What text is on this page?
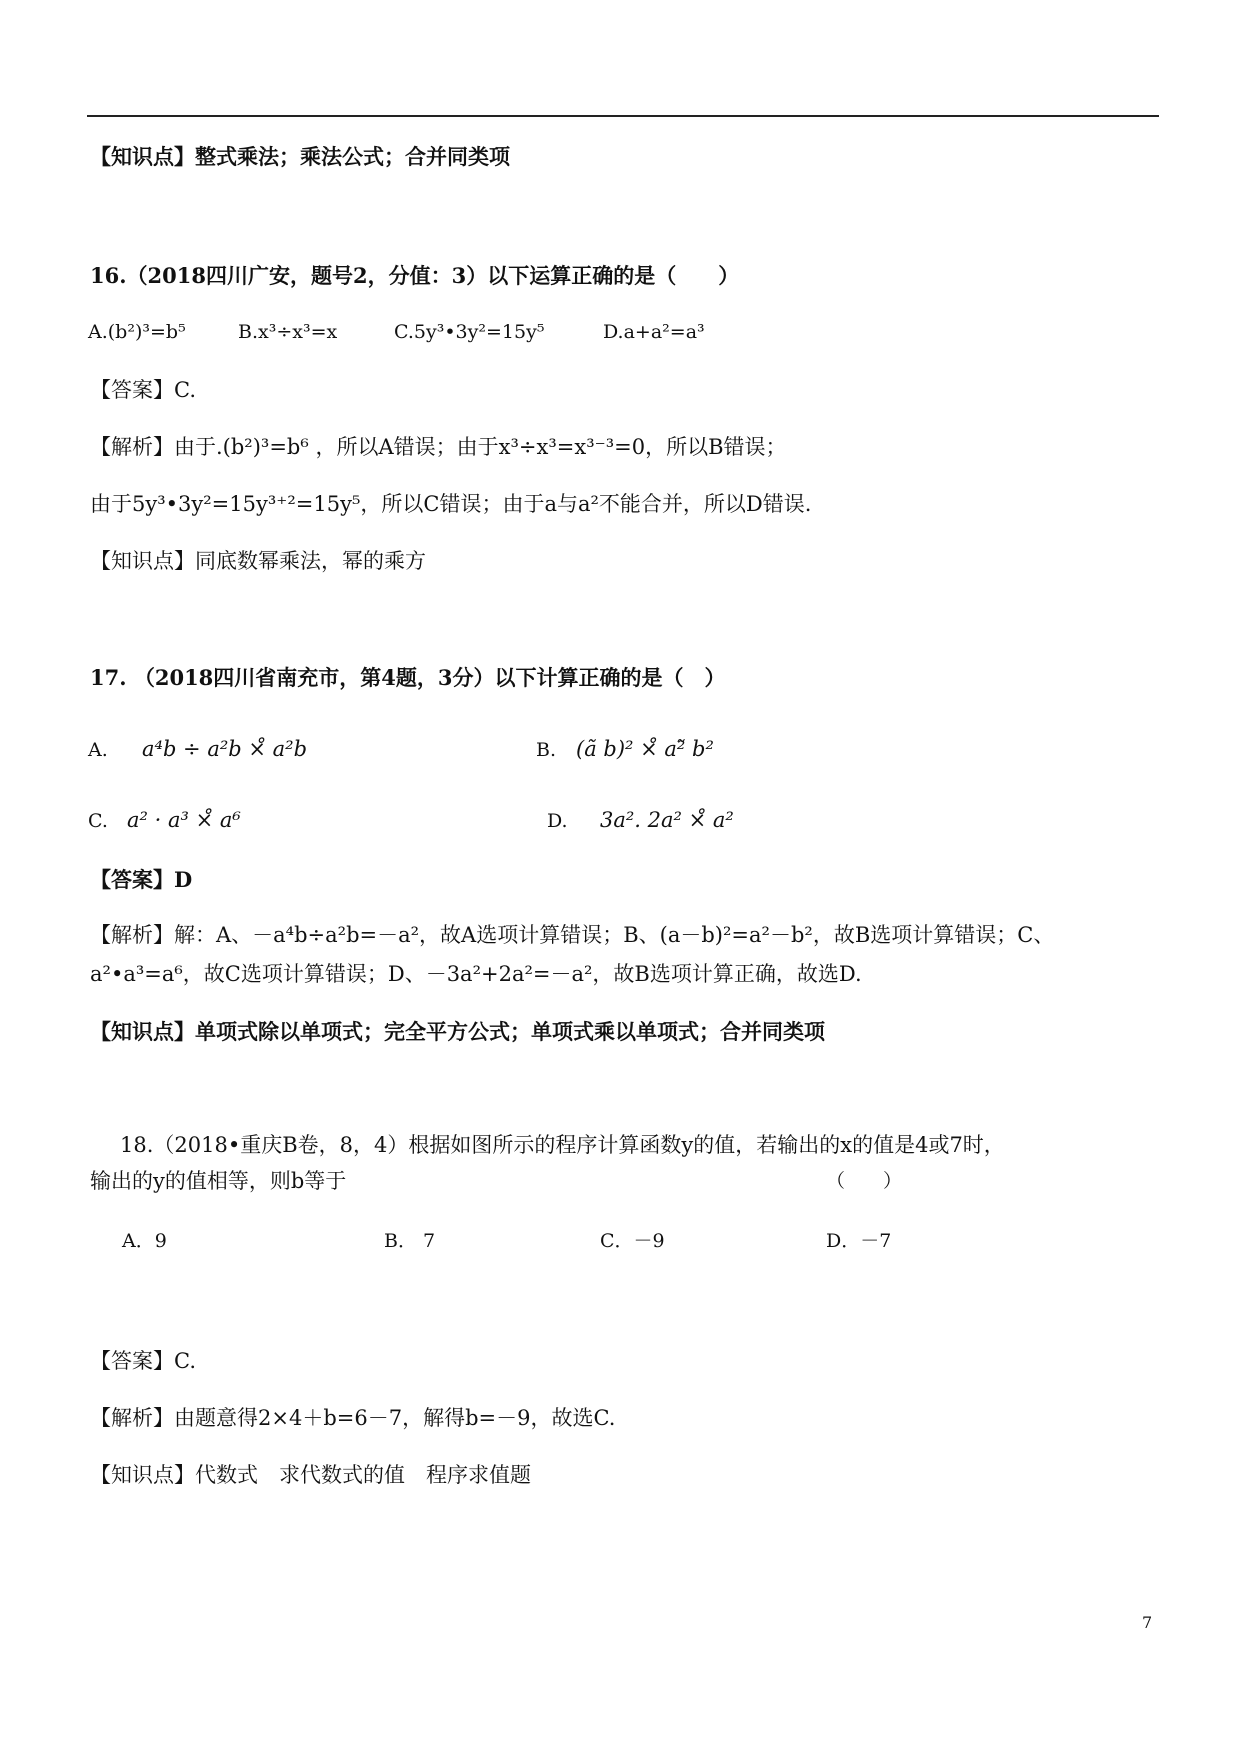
【知识点】整式乘法；乘法公式；合并同类项
16.（2018四川广安，题号2，分值：3）以下运算正确的是（　　）
A.(b²)³=b⁵	B.x³÷x³=x	C.5y³•3y²=15y⁵	D.a+a²=a³
【答案】C.
【解析】由于.(b²)³=b⁶ ，所以A错误；由于x³÷x³=x³⁻³=0，所以B错误；
由于5y³•3y²=15y³⁺²=15y⁵，所以C错误；由于a与a²不能合并，所以D错误.
【知识点】同底数幂乘法，幂的乘方
17. （2018四川省南充市，第4题，3分）以下计算正确的是（　）
A. a⁴b ÷ a²b ×̊ a²b	B. (ã b)² ×̊ a²̃ b²
C. a² · a³ ×̊ a⁶	D. 3a². 2a² ×̊ a²
【答案】D
【解析】解：A、－a⁴b÷a²b=－a²，故A选项计算错误；B、(a－b)²=a²－b²，故B选项计算错误；C、
a²•a³=a⁶，故C选项计算错误；D、－3a²+2a²=－a²，故B选项计算正确，故选D.
【知识点】单项式除以单项式；完全平方公式；单项式乘以单项式；合并同类项
18.（2018•重庆B卷，8，4）根据如图所示的程序计算函数y的值，若输出的x的值是4或7时，
输出的y的值相等，则b等于	（　　）
A．9	B． 7	C．－9	D．－7
【答案】C.
【解析】由题意得2×4＋b=6－7，解得b=－9，故选C.
【知识点】代数式　求代数式的值　程序求值题
7
